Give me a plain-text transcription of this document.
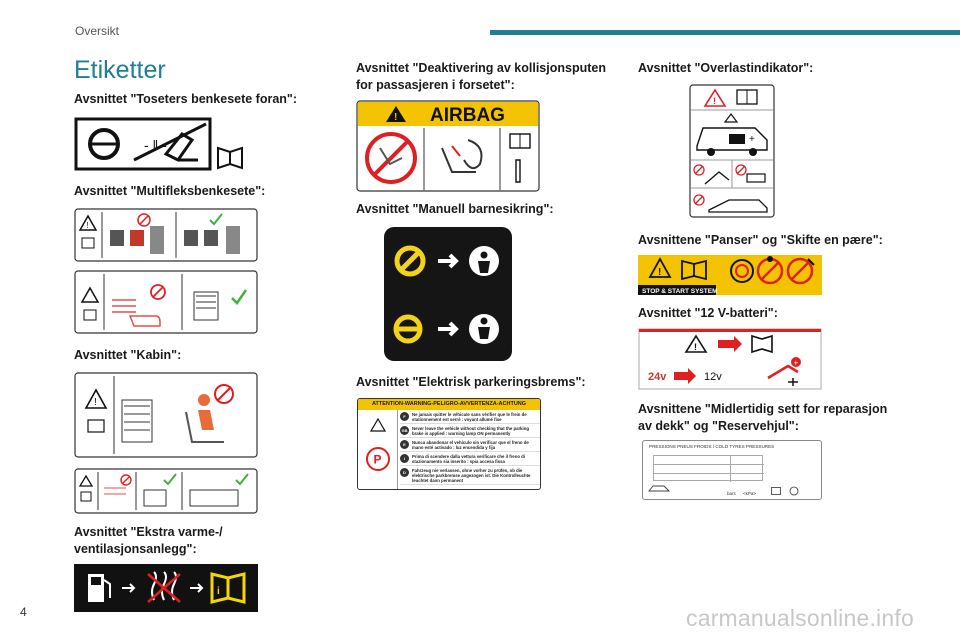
Oversikt
Etiketter
Avsnittet "Toseters benkesete foran":
- ‖ -
Avsnittet "Multifleksbenkesete":
!
Avsnittet "Kabin":
!
Avsnittet "Ekstra varme-/
ventilasjonsanlegg":
i
Avsnittet "Deaktivering av kollisjonsputen
for passasjeren i forsetet":
! AIRBAG
Avsnittet "Manuell barnesikring":
Avsnittet "Elektrisk parkeringsbrems":
ATTENTION-WARNING-PELIGRO-AVVERTENZA-ACHTUNG
P
F	Ne jamais quitter le véhicule sans vérifier que le frein de stationnement est serré : voyant allumé fixe
GB	Never leave the vehicle without checking that the parking brake is applied : warning lamp ON permanently
E	Nunca abandonar el vehículo sin verificar que el freno de mano esté activado : luz encendida y fija
I	Prima di scendere dalla vettura verificare che il freno di stazionamento sia inserito : spia accesa fissa
D	Fahrzeug nie verlassen, ohne vorher zu prüfen, ob die elektrische parkbremse angezogen ist. Die Kontrolleuchte leuchtet dann permanent
Avsnittet "Overlastindikator":
!
+
Avsnittene "Panser" og "Skifte en pære":
!
STOP & START SYSTEM
Avsnittet "12 V-batteri":
!
24v	12v
+
Avsnittene "Midlertidig sett for reparasjon
av dekk" og "Reservehjul":
PRESSIONS PNEUS FROIDS / COLD TYRES PRESSURES
bars <kPa>
4	carmanualsonline.info
